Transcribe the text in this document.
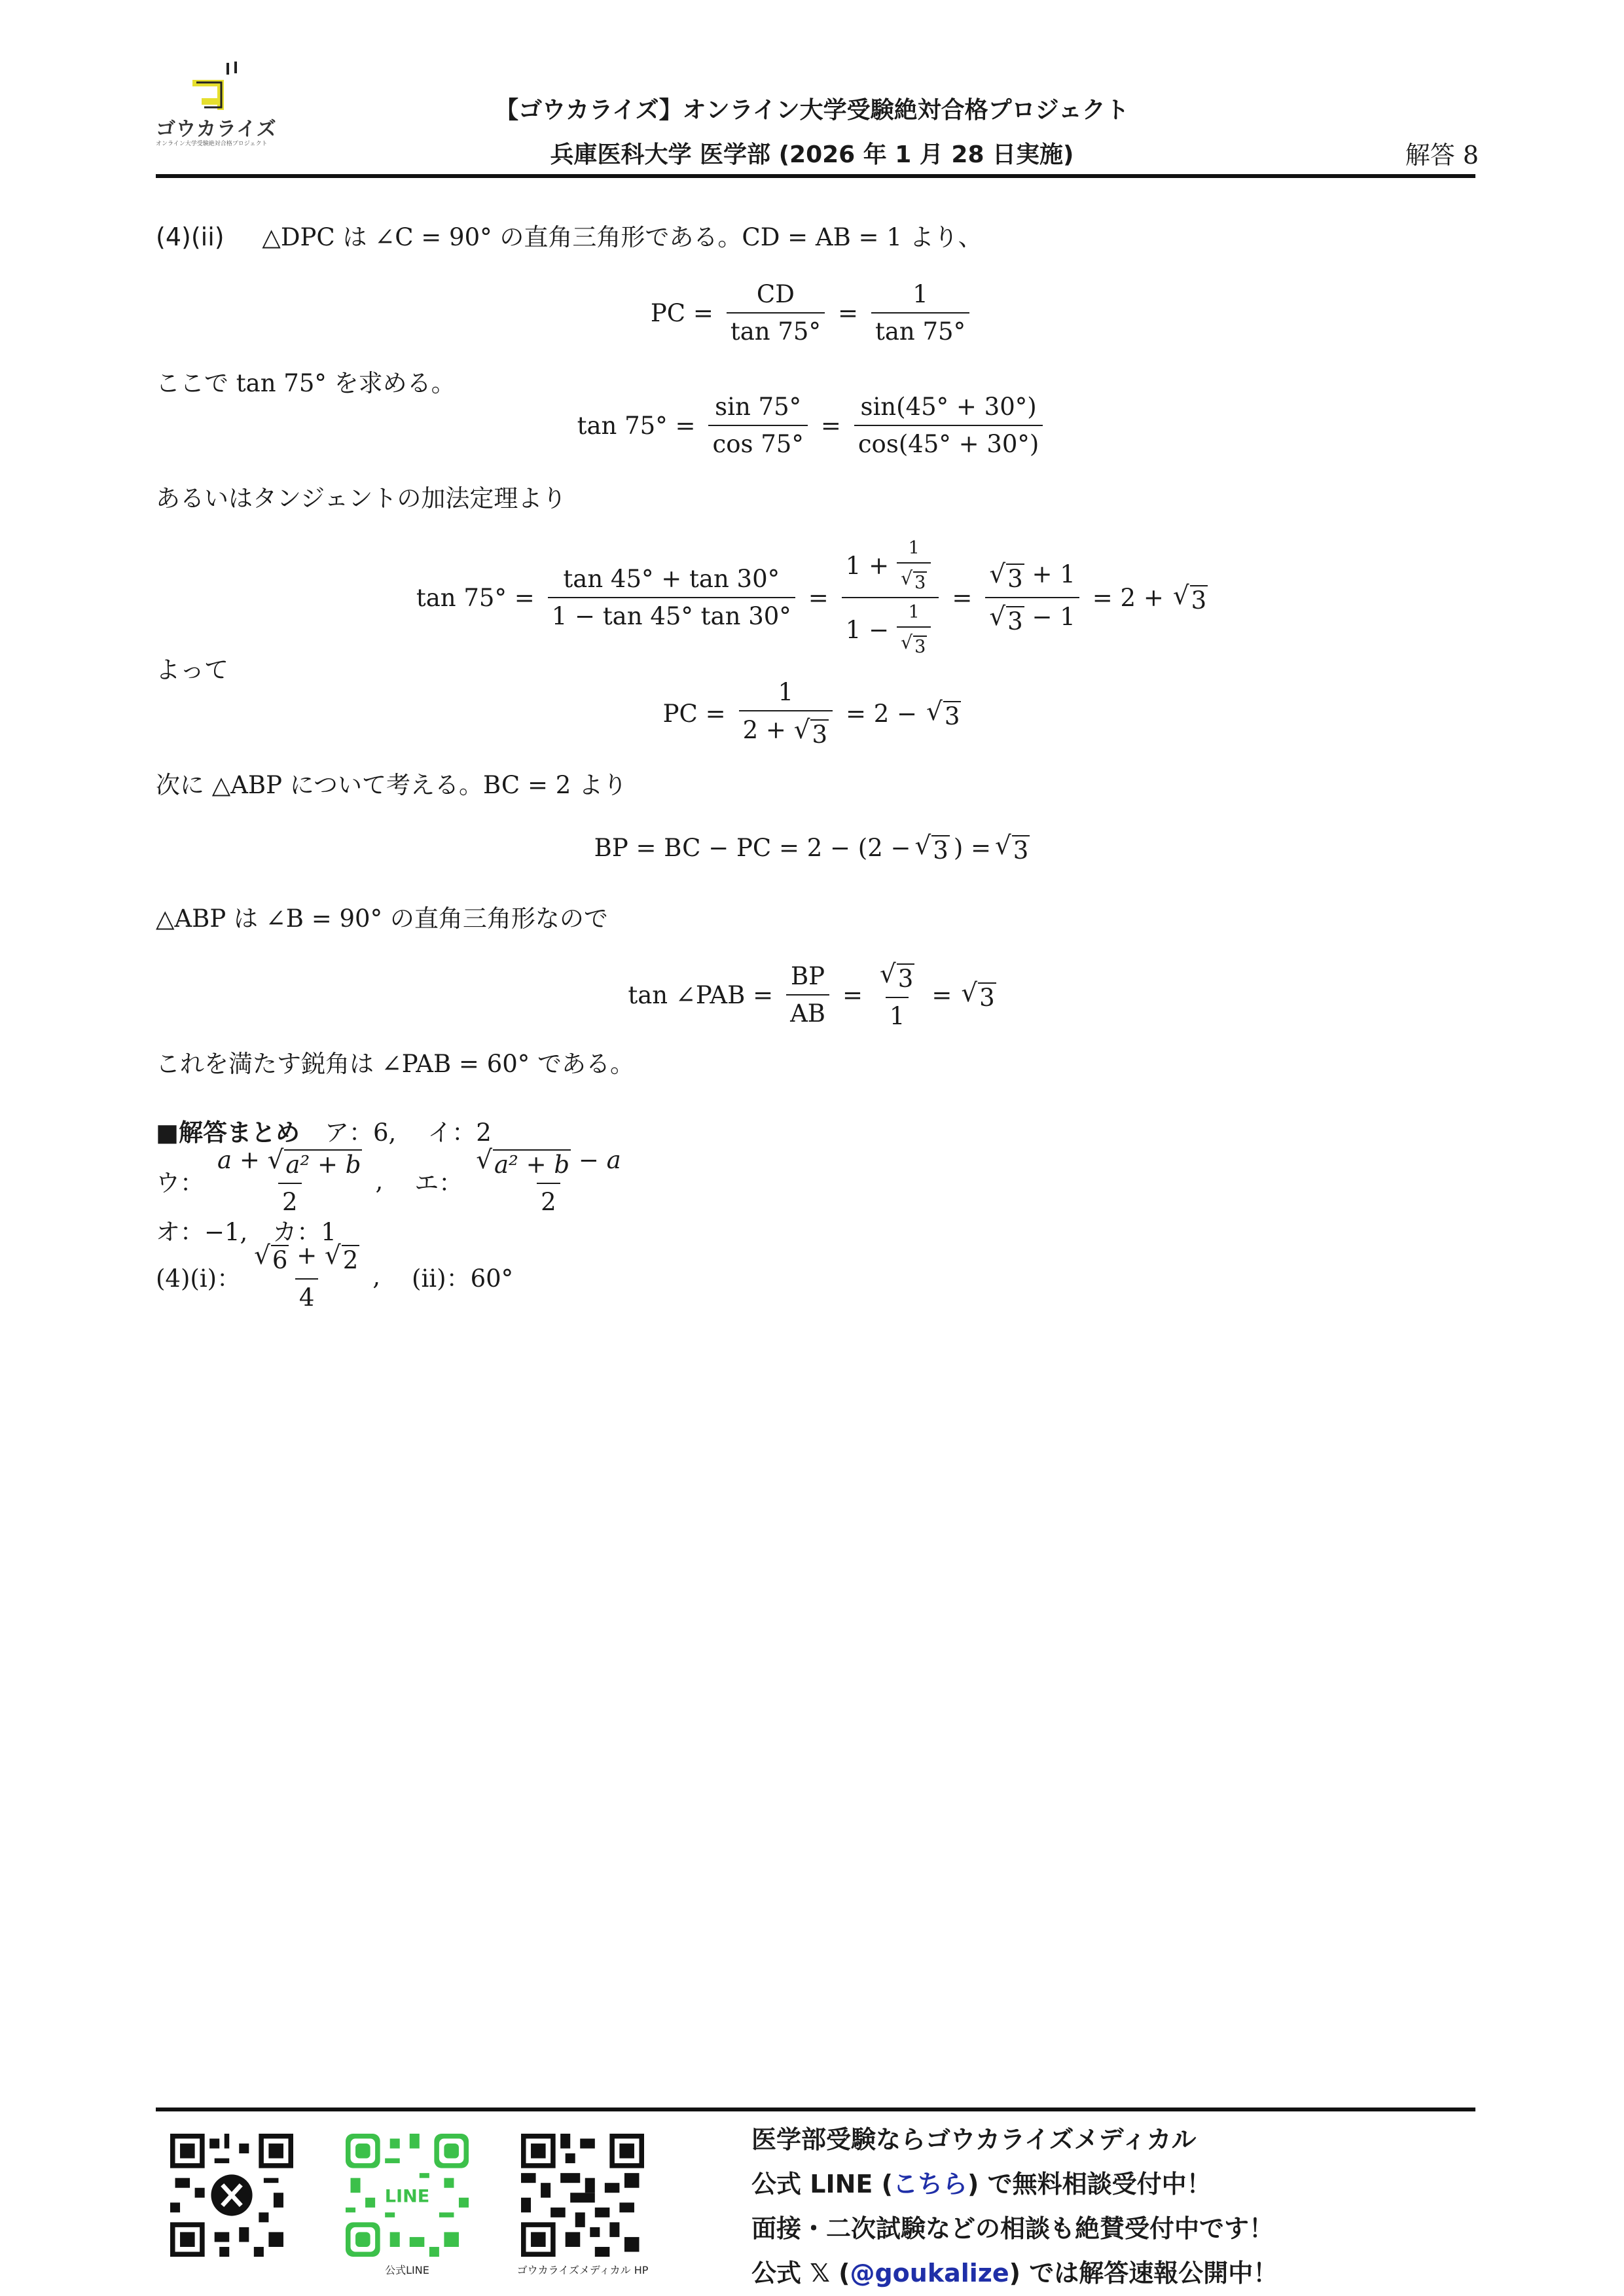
ゴウカライズ
オンライン大学受験絶対合格プロジェクト
【ゴウカライズ】オンライン大学受験絶対合格プロジェクト
兵庫医科大学 医学部 (2026 年 1 月 28 日実施)	解答 8
(4)(ii) △DPC は ∠C = 90° の直角三角形である。CD = AB = 1 より、
PC = $\frac{CD}{\tan 75^\circ} = \frac{1}{\tan 75^\circ}$
ここで tan 75° を求める。
$\tan 75^\circ = \frac{\sin 75^\circ}{\cos 75^\circ} = \frac{\sin(45^\circ + 30^\circ)}{\cos(45^\circ + 30^\circ)}$
あるいはタンジェントの加法定理より
$\tan 75^\circ = \frac{\tan 45^\circ + \tan 30^\circ}{1 - \tan 45^\circ \tan 30^\circ} = \frac{1 + \frac{1}{√ 3}}{1 - \frac{1}{√ 3}} = \frac{√ 3 + 1}{√ 3 - 1} = 2$ + √ 3
よって
PC = $\frac{1}{2 + √ 3} = 2$ − √ 3
次に △ABP について考える。BC = 2 より
BP = BC − PC = 2 − (2 − √ 3 ) = √ 3
△ABP は ∠B = 90° の直角三角形なので
tan ∠PAB = $\frac{BP}{AB} = \frac{√ 3}{1}$ = √ 3
これを満たす鋭角は ∠PAB = 60° である。
■解答まとめ ア：6, イ：2
ウ： $\frac{\text{a + √ a² + b}}{2}$ , エ： $\frac{\text{√ a² + b − a}}{2}$
オ：−1, カ：1
(4)(i)： $\frac{√ 6 + √ 2}{4}$ , (ii)：60°
LINE
公式LINE	ゴウカライズメディカル HP
医学部受験ならゴウカライズメディカル
公式 LINE (こちら) で無料相談受付中！
面接・二次試験などの相談も絶賛受付中です！
公式 𝕏 (@goukalize) では解答速報公開中！
